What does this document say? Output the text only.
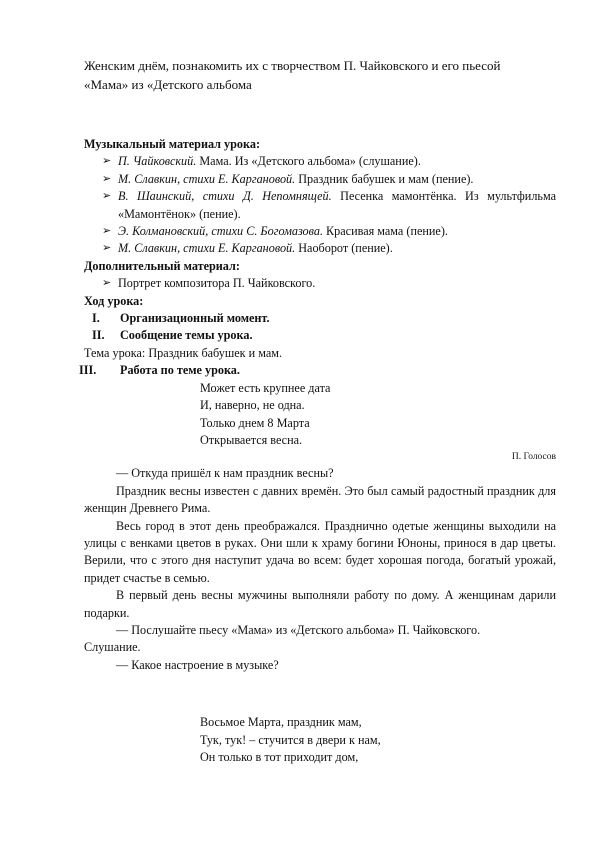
Женским днём, познакомить их с творчеством П. Чайковского и его пьесой
«Мама» из «Детского альбома
Музыкальный материал урока:
➢ П. Чайковский. Мама. Из «Детского альбома» (слушание).
➢ М. Славкин, стихи Е. Каргановой. Праздник бабушек и мам (пение).
➢ В. Шаинский, стихи Д. Непомнящей. Песенка мамонтёнка. Из мультфильма «Мамонтёнок» (пение).
➢ Э. Колмановский, стихи С. Богомазова. Красивая мама (пение).
➢ М. Славкин, стихи Е. Каргановой. Наоборот (пение).
Дополнительный материал:
➢ Портрет композитора П. Чайковского.
Ход урока:
I. Организационный момент.
II. Сообщение темы урока.
Тема урока: Праздник бабушек и мам.
III. Работа по теме урока.
Может есть крупнее дата
И, наверно, не одна.
Только днем 8 Марта
Открывается весна.
П. Голосов
— Откуда пришёл к нам праздник весны?
Праздник весны известен с давних времён. Это был самый радостный праздник для женщин Древнего Рима.
Весь город в этот день преображался. Празднично одетые женщины выходили на улицы с венками цветов в руках. Они шли к храму богини Юноны, принося в дар цветы. Верили, что с этого дня наступит удача во всем: будет хорошая погода, богатый урожай, придет счастье в семью.
В первый день весны мужчины выполняли работу по дому. А женщинам дарили подарки.
— Послушайте пьесу «Мама» из «Детского альбома» П. Чайковского.
Слушание.
— Какое настроение в музыке?
Восьмое Марта, праздник мам,
Тук, тук! – стучится в двери к нам,
Он только в тот приходит дом,
